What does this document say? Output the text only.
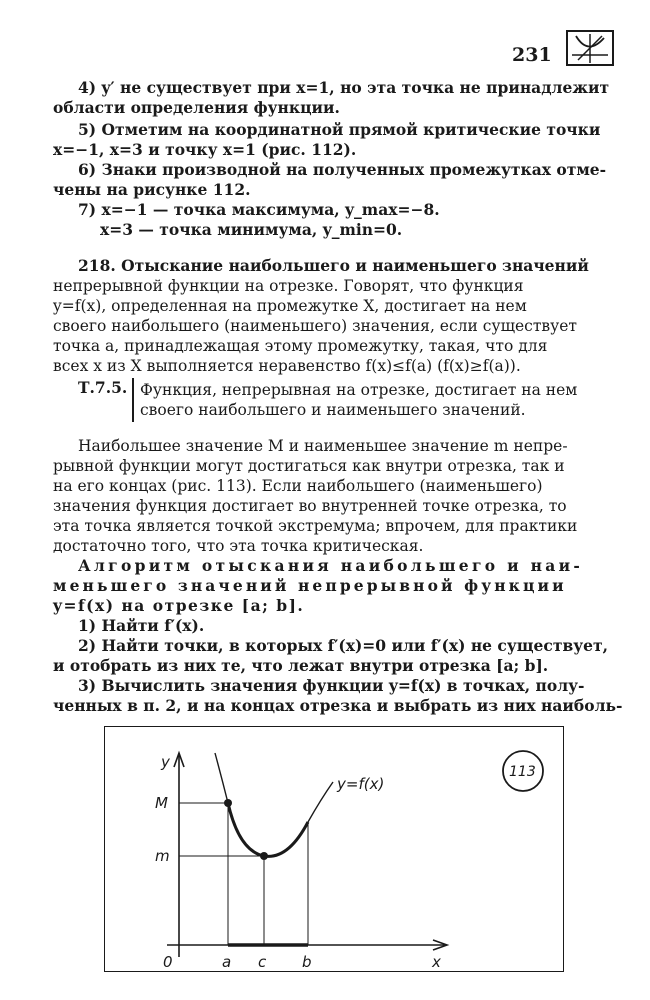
231
4) y′ не существует при x=1, но эта точка не принадлежит
области определения функции.
5) Отметим на координатной прямой критические точки
x=−1, x=3 и точку x=1 (рис. 112).
6) Знаки производной на полученных промежутках отме-
чены на рисунке 112.
7) x=−1 — точка максимума, y_max=−8.
x=3 — точка минимума, y_min=0.
218. Отыскание наибольшего и наименьшего значений
непрерывной функции на отрезке. Говорят, что функция
y=f(x), определенная на промежутке X, достигает на нем
своего наибольшего (наименьшего) значения, если существует
точка a, принадлежащая этому промежутку, такая, что для
всех x из X выполняется неравенство f(x)≤f(a) (f(x)≥f(a)).
Т.7.5. Функция, непрерывная на отрезке, достигает на нем
своего наибольшего и наименьшего значений.
Наибольшее значение M и наименьшее значение m непре-
рывной функции могут достигаться как внутри отрезка, так и
на его концах (рис. 113). Если наибольшего (наименьшего)
значения функция достигает во внутренней точке отрезка, то
эта точка является точкой экстремума; впрочем, для практики
достаточно того, что эта точка критическая.
Алгоритм отыскания наибольшего и наи-
меньшего значений непрерывной функции
y=f(x) на отрезке [a; b].
1) Найти f′(x).
2) Найти точки, в которых f′(x)=0 или f′(x) не существует,
и отобрать из них те, что лежат внутри отрезка [a; b].
3) Вычислить значения функции y=f(x) в точках, полу-
ченных в п. 2, и на концах отрезка и выбрать из них наиболь-
y
x
0
M
m
a c b
y=f(x)
113
